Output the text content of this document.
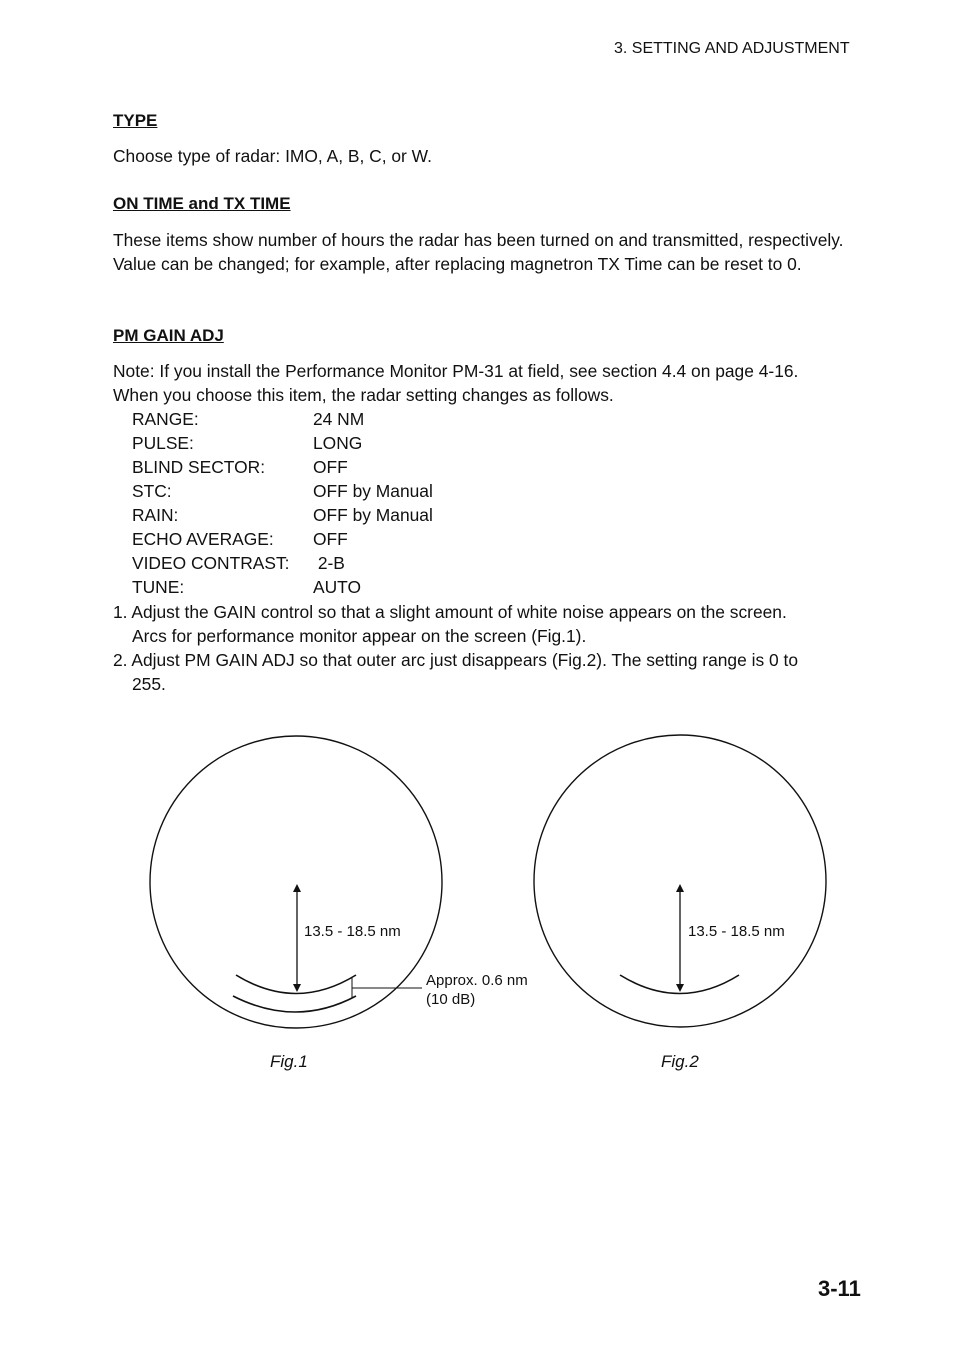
3. SETTING AND ADJUSTMENT
TYPE
Choose type of radar: IMO, A, B, C, or W.
ON TIME and TX TIME
These items show number of hours the radar has been turned on and transmitted, respectively. Value can be changed; for example, after replacing magnetron TX Time can be reset to 0.
PM GAIN ADJ
Note: If you install the Performance Monitor PM-31 at field, see section 4.4 on page 4-16.
When you choose this item, the radar setting changes as follows.
RANGE:	24 NM
PULSE:	LONG
BLIND SECTOR:	OFF
STC:	OFF by Manual
RAIN:	OFF by Manual
ECHO AVERAGE: OFF
VIDEO CONTRAST: 2-B
TUNE:	AUTO
1. Adjust the GAIN control so that a slight amount of white noise appears on the screen.
Arcs for performance monitor appear on the screen (Fig.1).
2. Adjust PM GAIN ADJ so that outer arc just disappears (Fig.2). The setting range is 0 to
255.
13.5 - 18.5 nm
Approx. 0.6 nm
(10 dB)
Fig.1
13.5 - 18.5 nm
Fig.2
3-11
